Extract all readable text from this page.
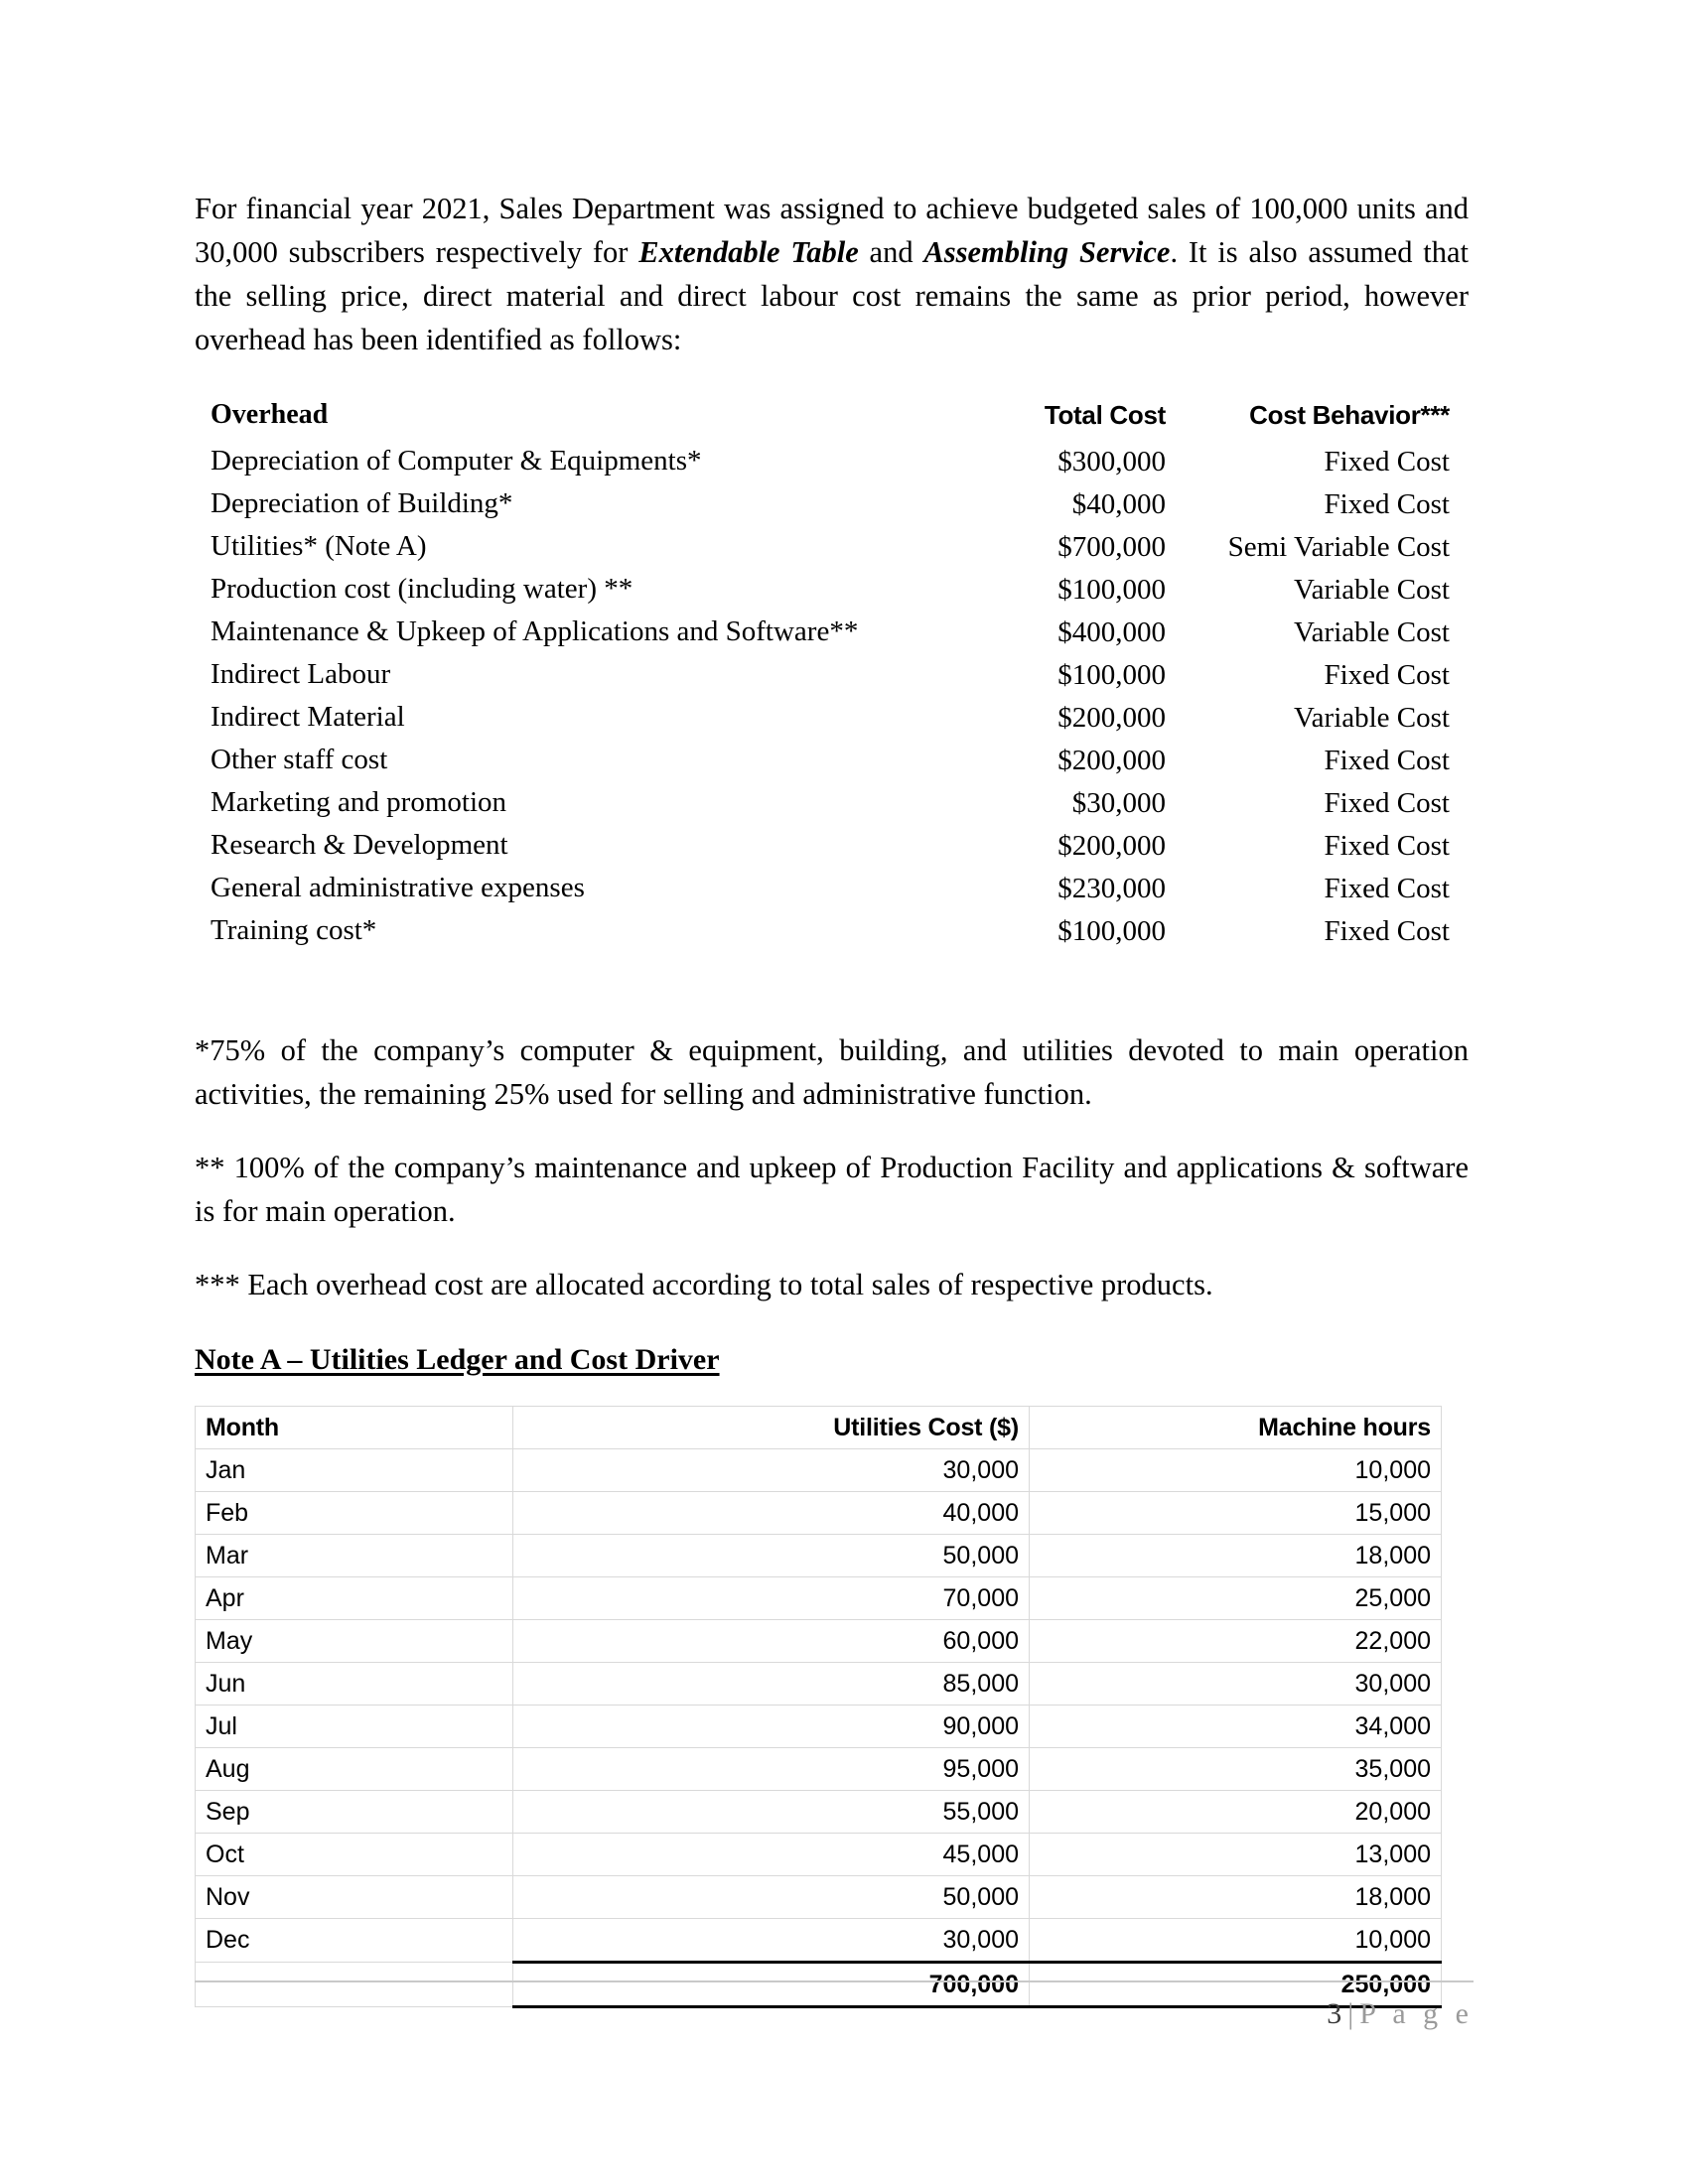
For financial year 2021, Sales Department was assigned to achieve budgeted sales of 100,000 units and 30,000 subscribers respectively for Extendable Table and Assembling Service. It is also assumed that the selling price, direct material and direct labour cost remains the same as prior period, however overhead has been identified as follows:

Overhead	Total Cost	Cost Behavior***
Depreciation of Computer & Equipments*	$300,000	Fixed Cost
Depreciation of Building*	$40,000	Fixed Cost
Utilities* (Note A)	$700,000	Semi Variable Cost
Production cost (including water) **	$100,000	Variable Cost
Maintenance & Upkeep of Applications and Software**	$400,000	Variable Cost
Indirect Labour	$100,000	Fixed Cost
Indirect Material	$200,000	Variable Cost
Other staff cost	$200,000	Fixed Cost
Marketing and promotion	$30,000	Fixed Cost
Research & Development	$200,000	Fixed Cost
General administrative expenses	$230,000	Fixed Cost
Training cost*	$100,000	Fixed Cost

*75% of the company’s computer & equipment, building, and utilities devoted to main operation activities, the remaining 25% used for selling and administrative function.

** 100% of the company’s maintenance and upkeep of Production Facility and applications & software is for main operation.

*** Each overhead cost are allocated according to total sales of respective products.

Note A – Utilities Ledger and Cost Driver
Month	Utilities Cost ($)	Machine hours
Jan	30,000	10,000
Feb	40,000	15,000
Mar	50,000	18,000
Apr	70,000	25,000
May	60,000	22,000
Jun	85,000	30,000
Jul	90,000	34,000
Aug	95,000	35,000
Sep	55,000	20,000
Oct	45,000	13,000
Nov	50,000	18,000
Dec	30,000	10,000
	700,000	250,000
3 | P a g e
